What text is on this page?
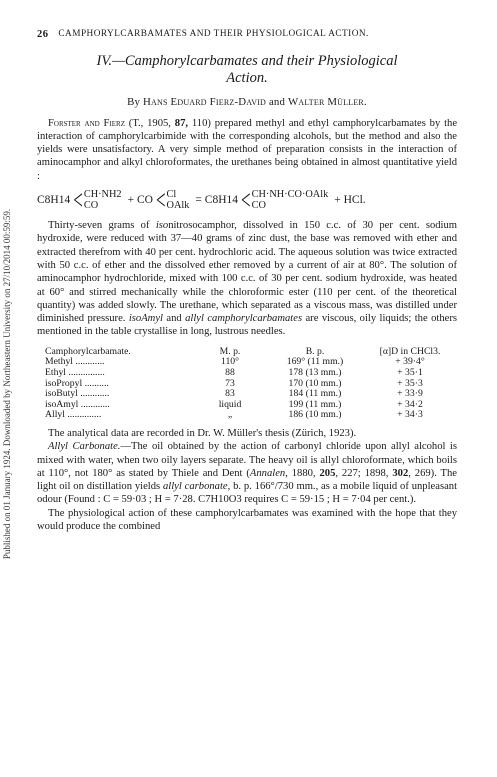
Published on 01 January 1924. Downloaded by Northeastern University on 27/10/2014 00:59:59.
26 CAMPHORYLCARBAMATES AND THEIR PHYSIOLOGICAL ACTION.
IV.—Camphorylcarbamates and their Physiological
Action.
By Hans Eduard Fierz-David and Walter Müller.

Forster and Fierz (T., 1905, 87, 110) prepared methyl and ethyl camphorylcarbamates by the interaction of camphorylcarbimide with the corresponding alcohols, but the method and also the yields were unsatisfactory. A very simple method of preparation consists in the interaction of aminocamphor and alkyl chloroformates, the urethanes being obtained in almost quantitative yield :

C8H14 < CH·NH2
CO	+ CO < Cl
OAlk = C8H14 < CH·NH·CO·OAlk
CO	+ HCl.

Thirty-seven grams of isonitrosocamphor, dissolved in 150 c.c. of 30 per cent. sodium hydroxide, were reduced with 37—40 grams of zinc dust, the base was removed with ether and extracted therefrom with 40 per cent. hydrochloric acid. The aqueous solution was twice extracted with 50 c.c. of ether and the dissolved ether removed by a current of air at 80°. The solution of aminocamphor hydrochloride, mixed with 100 c.c. of 30 per cent. sodium hydroxide, was heated at 60° and stirred mechanically while the chloroformic ester (110 per cent. of the theoretical quantity) was added slowly. The urethane, which separated as a viscous mass, was distilled under diminished pressure. isoAmyl and allyl camphorylcarbamates are viscous, oily liquids; the others mentioned in the table crystallise in long, lustrous needles.

Camphorylcarbamate.	M. p.	B. p.	[α]D in CHCl3.
Methyl ............	110°	169° (11 mm.)	+ 39·4°
Ethyl ...............	88	178 (13 mm.)	+ 35·1
isoPropyl ..........	73	170 (10 mm.)	+ 35·3
isoButyl ............	83	184 (11 mm.)	+ 33·9
isoAmyl ............	liquid	199 (11 mm.)	+ 34·2
Allyl ..............	„	186 (10 mm.)	+ 34·3

The analytical data are recorded in Dr. W. Müller's thesis (Zürich, 1923).

Allyl Carbonate.—The oil obtained by the action of carbonyl chloride upon allyl alcohol is mixed with water, when two oily layers separate. The heavy oil is allyl chloroformate, which boils at 110°, not 180° as stated by Thiele and Dent (Annalen, 1880, 205, 227; 1898, 302, 269). The light oil on distillation yields allyl carbonate, b. p. 166°/730 mm., as a mobile liquid of unpleasant odour (Found : C = 59·03 ; H = 7·28. C7H10O3 requires C = 59·15 ; H = 7·04 per cent.).

The physiological action of these camphorylcarbamates was examined with the hope that they would produce the combined
